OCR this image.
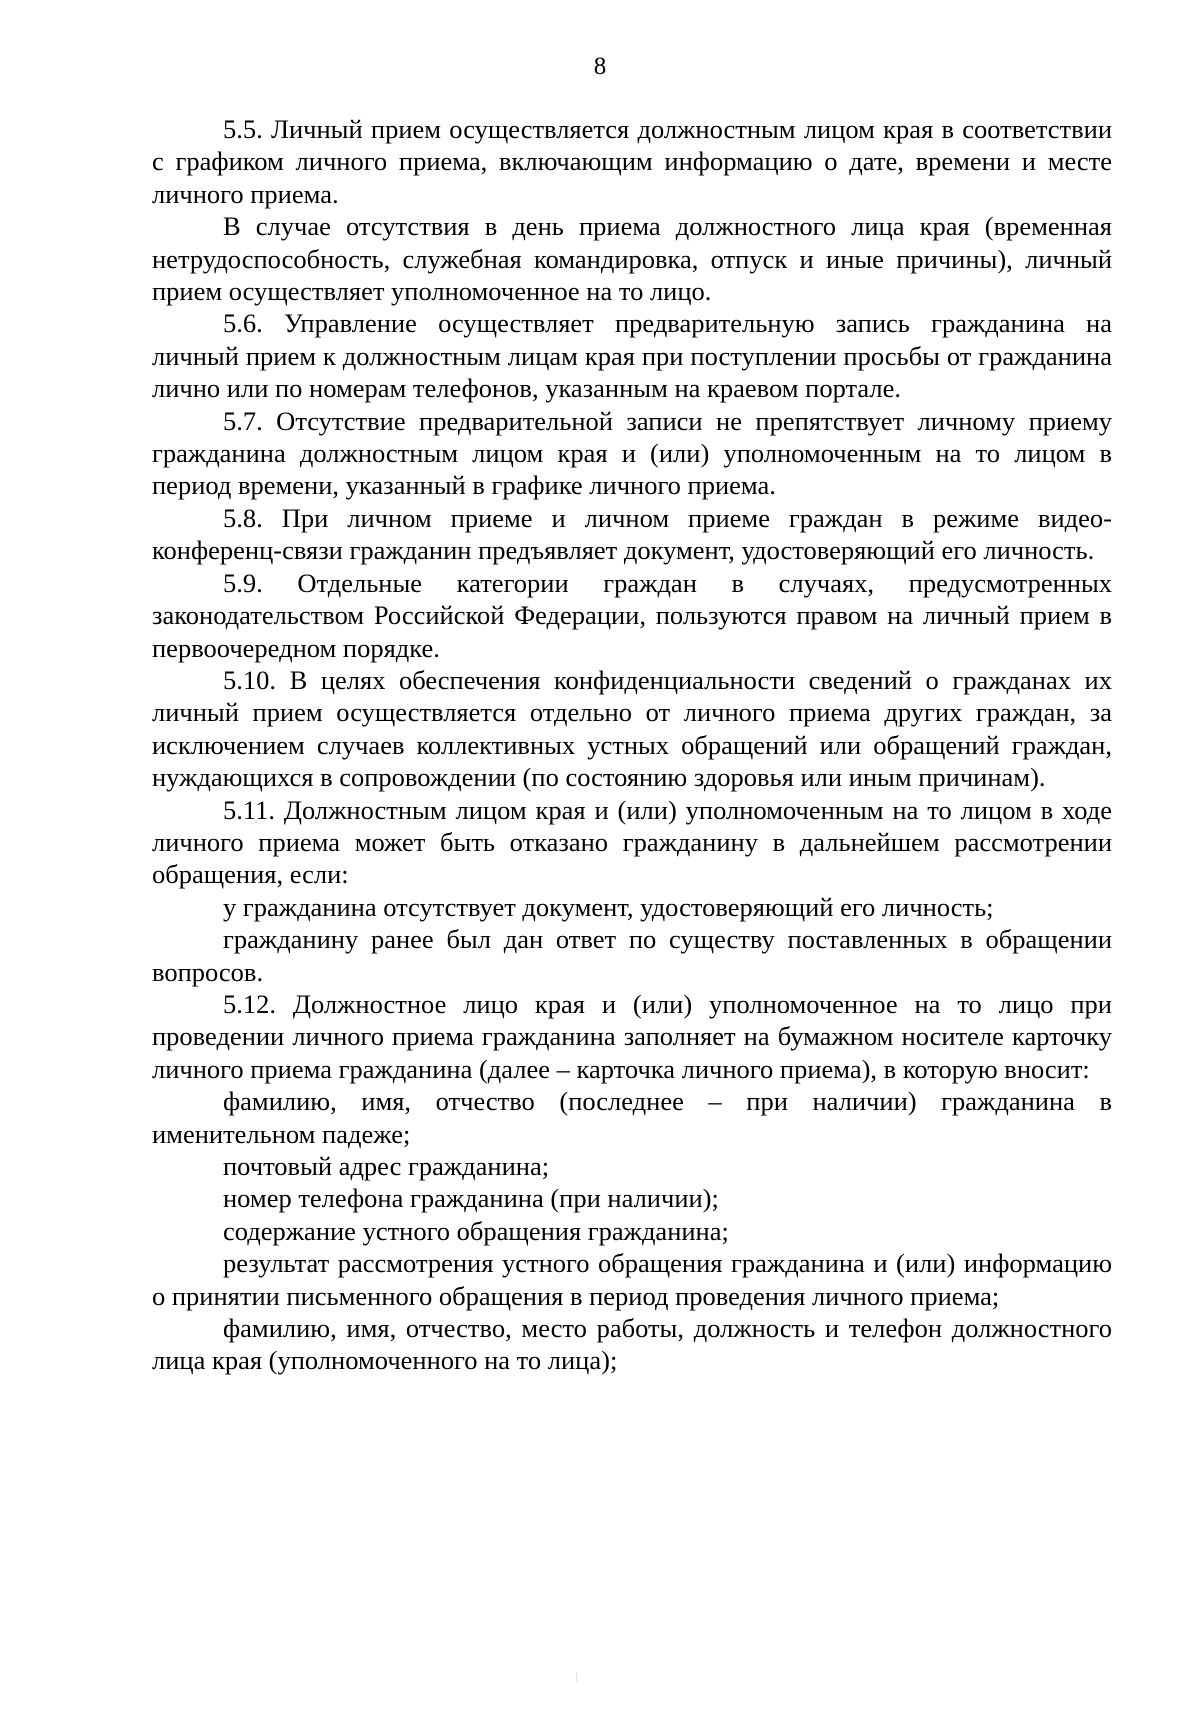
8

5.5. Личный прием осуществляется должностным лицом края в соответствии с графиком личного приема, включающим информацию о дате, времени и месте личного приема.

В случае отсутствия в день приема должностного лица края (временная нетрудоспособность, служебная командировка, отпуск и иные причины), личный прием осуществляет уполномоченное на то лицо.

5.6. Управление осуществляет предварительную запись гражданина на личный прием к должностным лицам края при поступлении просьбы от гражданина лично или по номерам телефонов, указанным на краевом портале.

5.7. Отсутствие предварительной записи не препятствует личному приему гражданина должностным лицом края и (или) уполномоченным на то лицом в период времени, указанный в графике личного приема.

5.8. При личном приеме и личном приеме граждан в режиме видео-конференц-связи гражданин предъявляет документ, удостоверяющий его личность.

5.9. Отдельные категории граждан в случаях, предусмотренных законодательством Российской Федерации, пользуются правом на личный прием в первоочередном порядке.

5.10. В целях обеспечения конфиденциальности сведений о гражданах их личный прием осуществляется отдельно от личного приема других граждан, за исключением случаев коллективных устных обращений или обращений граждан, нуждающихся в сопровождении (по состоянию здоровья или иным причинам).

5.11. Должностным лицом края и (или) уполномоченным на то лицом в ходе личного приема может быть отказано гражданину в дальнейшем рассмотрении обращения, если:

у гражданина отсутствует документ, удостоверяющий его личность;

гражданину ранее был дан ответ по существу поставленных в обращении вопросов.

5.12. Должностное лицо края и (или) уполномоченное на то лицо при проведении личного приема гражданина заполняет на бумажном носителе карточку личного приема гражданина (далее – карточка личного приема), в которую вносит:

фамилию, имя, отчество (последнее – при наличии) гражданина в именительном падеже;

почтовый адрес гражданина;

номер телефона гражданина (при наличии);

содержание устного обращения гражданина;

результат рассмотрения устного обращения гражданина и (или) информацию о принятии письменного обращения в период проведения личного приема;

фамилию, имя, отчество, место работы, должность и телефон должностного лица края (уполномоченного на то лица);
